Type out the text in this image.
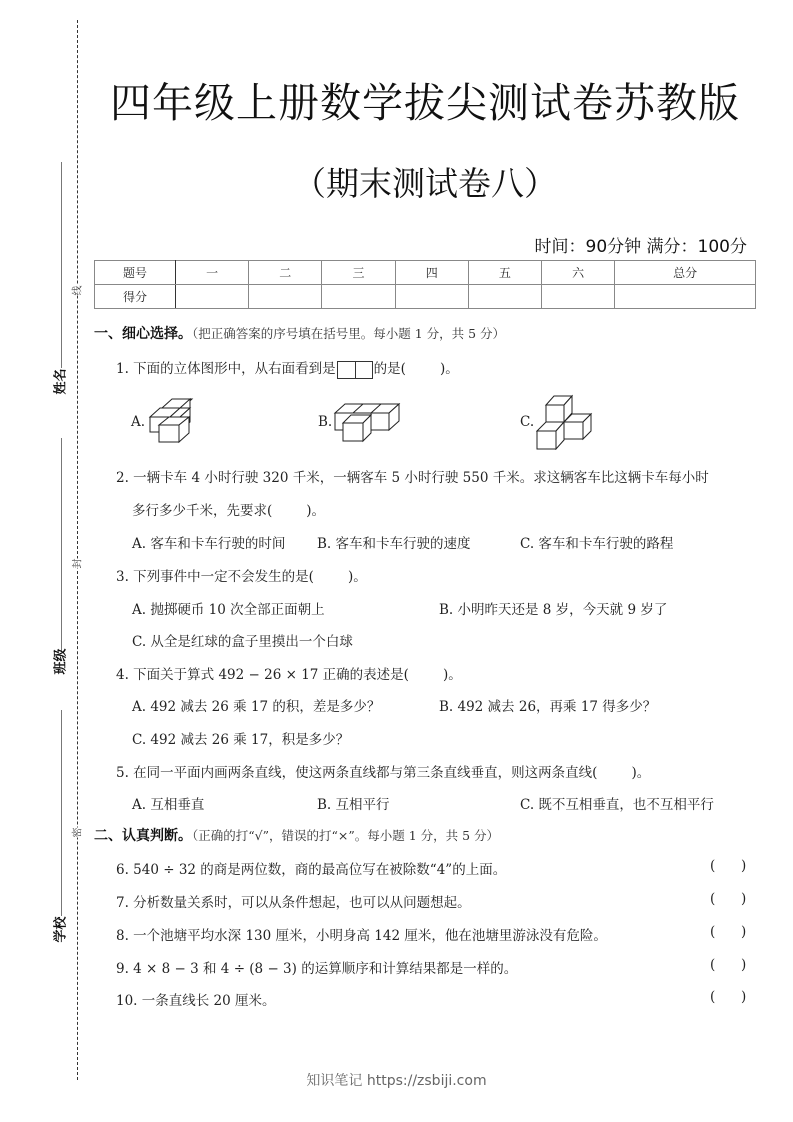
姓名
班级
学校
线
封
密
四年级上册数学拔尖测试卷苏教版
（期末测试卷八）
时间：90分钟 满分：100分
题号	一	二	三	四	五	六	总分
得分							
一、细心选择。（把正确答案的序号填在括号里。每小题 1 分，共 5 分）
1. 下面的立体图形中，从右面看到是	的是(	)。
A.	B.	C.
2. 一辆卡车 4 小时行驶 320 千米，一辆客车 5 小时行驶 550 千米。求这辆客车比这辆卡车每小时
多行多少千米，先要求(	)。
A. 客车和卡车行驶的时间 B. 客车和卡车行驶的速度	C. 客车和卡车行驶的路程
3. 下列事件中一定不会发生的是(	)。
A. 抛掷硬币 10 次全部正面朝上	B. 小明昨天还是 8 岁，今天就 9 岁了
C. 从全是红球的盒子里摸出一个白球
4. 下面关于算式 492 − 26 × 17 正确的表述是(	)。
A. 492 减去 26 乘 17 的积，差是多少？	B. 492 减去 26，再乘 17 得多少？
C. 492 减去 26 乘 17，积是多少？
5. 在同一平面内画两条直线，使这两条直线都与第三条直线垂直，则这两条直线(	)。
A. 互相垂直	B. 互相平行	C. 既不互相垂直，也不互相平行
二、认真判断。（正确的打“√”，错误的打“×”。每小题 1 分，共 5 分）
6. 540 ÷ 32 的商是两位数，商的最高位写在被除数“4”的上面。	(      )
7. 分析数量关系时，可以从条件想起，也可以从问题想起。	(      )
8. 一个池塘平均水深 130 厘米，小明身高 142 厘米，他在池塘里游泳没有危险。	(      )
9. 4 × 8 − 3 和 4 ÷ (8 − 3) 的运算顺序和计算结果都是一样的。	(      )
10. 一条直线长 20 厘米。	(      )
知识笔记 https://zsbiji.com
